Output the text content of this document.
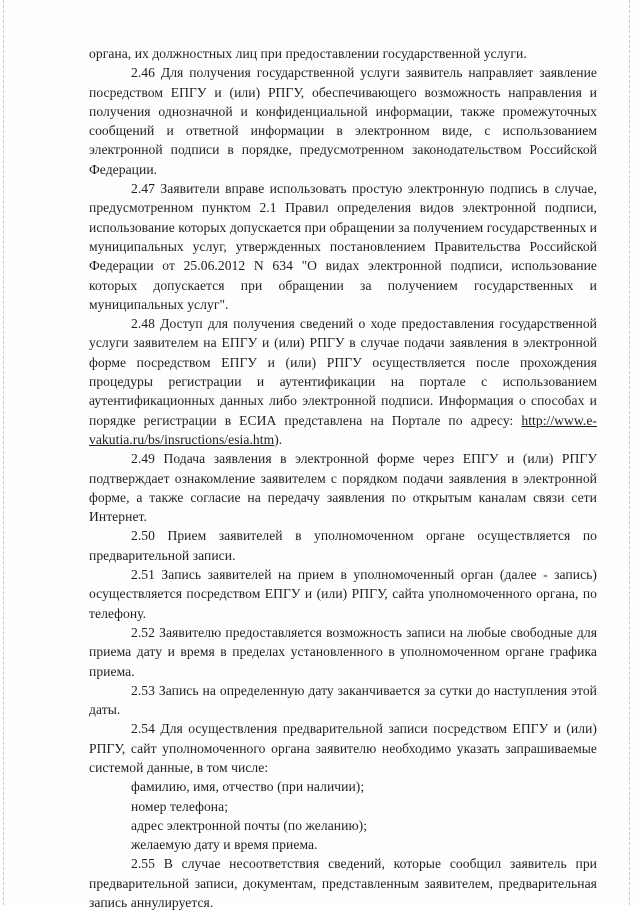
органа, их должностных лиц при предоставлении государственной услуги.

2.46 Для получения государственной услуги заявитель направляет заявление посредством ЕПГУ и (или) РПГУ, обеспечивающего возможность направления и получения однозначной и конфиденциальной информации, также промежуточных сообщений и ответной информации в электронном виде, с использованием электронной подписи в порядке, предусмотренном законодательством Российской Федерации.

2.47 Заявители вправе использовать простую электронную подпись в случае, предусмотренном пунктом 2.1 Правил определения видов электронной подписи, использование которых допускается при обращении за получением государственных и муниципальных услуг, утвержденных постановлением Правительства Российской Федерации от 25.06.2012 N 634 "О видах электронной подписи, использование которых допускается при обращении за получением государственных и муниципальных услуг".

2.48 Доступ для получения сведений о ходе предоставления государственной услуги заявителем на ЕПГУ и (или) РПГУ в случае подачи заявления в электронной форме посредством ЕПГУ и (или) РПГУ осуществляется после прохождения процедуры регистрации и аутентификации на портале с использованием аутентификационных данных либо электронной подписи. Информация о способах и порядке регистрации в ЕСИА представлена на Портале по адресу: http://www.e-vakutia.ru/bs/insructions/esia.htm).

2.49 Подача заявления в электронной форме через ЕПГУ и (или) РПГУ подтверждает ознакомление заявителем с порядком подачи заявления в электронной форме, а также согласие на передачу заявления по открытым каналам связи сети Интернет.

2.50 Прием заявителей в уполномоченном органе осуществляется по предварительной записи.

2.51 Запись заявителей на прием в уполномоченный орган (далее - запись) осуществляется посредством ЕПГУ и (или) РПГУ, сайта уполномоченного органа, по телефону.

2.52 Заявителю предоставляется возможность записи на любые свободные для приема дату и время в пределах установленного в уполномоченном органе графика приема.

2.53 Запись на определенную дату заканчивается за сутки до наступления этой даты.

2.54 Для осуществления предварительной записи посредством ЕПГУ и (или) РПГУ, сайт уполномоченного органа заявителю необходимо указать запрашиваемые системой данные, в том числе:

фамилию, имя, отчество (при наличии);

номер телефона;

адрес электронной почты (по желанию);

желаемую дату и время приема.

2.55 В случае несоответствия сведений, которые сообщил заявитель при предварительной записи, документам, представленным заявителем, предварительная запись аннулируется.
